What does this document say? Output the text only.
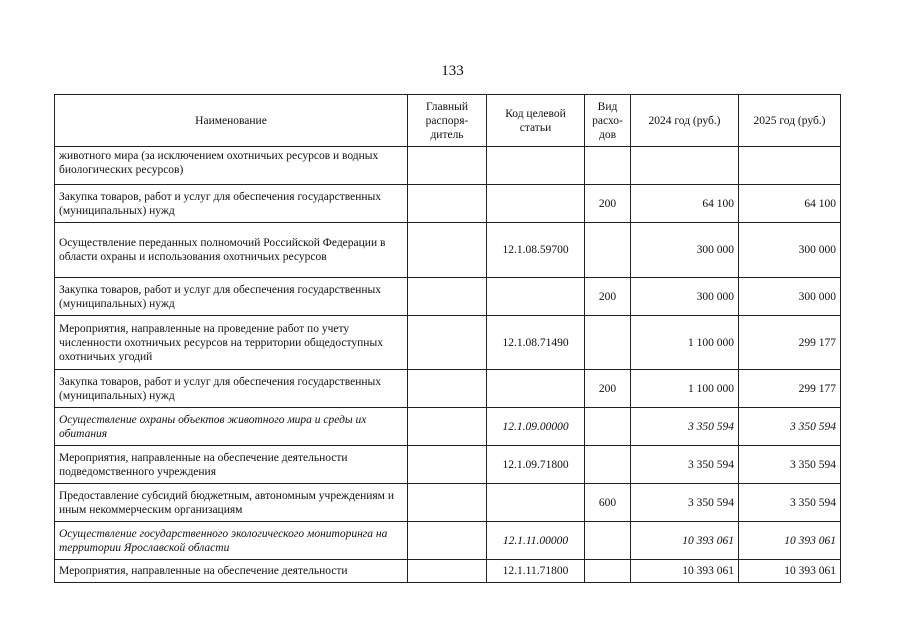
133
Наименование	Главный распоря-дитель	Код целевой статьи	Вид расхо-дов	2024 год (руб.)	2025 год (руб.)
животного мира (за исключением охотничьих ресурсов и водных биологических ресурсов)					
Закупка товаров, работ и услуг для обеспечения государственных (муниципальных) нужд			200	64 100	64 100
Осуществление переданных полномочий Российской Федерации в области охраны и использования охотничьих ресурсов		12.1.08.59700		300 000	300 000
Закупка товаров, работ и услуг для обеспечения государственных (муниципальных) нужд			200	300 000	300 000
Мероприятия, направленные на проведение работ по учету численности охотничьих ресурсов на территории общедоступных охотничьих угодий		12.1.08.71490		1 100 000	299 177
Закупка товаров, работ и услуг для обеспечения государственных (муниципальных) нужд			200	1 100 000	299 177
Осуществление охраны объектов животного мира и среды их обитания		12.1.09.00000		3 350 594	3 350 594
Мероприятия, направленные на обеспечение деятельности подведомственного учреждения		12.1.09.71800		3 350 594	3 350 594
Предоставление субсидий бюджетным, автономным учреждениям и иным некоммерческим организациям			600	3 350 594	3 350 594
Осуществление государственного экологического мониторинга на территории Ярославской области		12.1.11.00000		10 393 061	10 393 061
Мероприятия, направленные на обеспечение деятельности		12.1.11.71800		10 393 061	10 393 061
